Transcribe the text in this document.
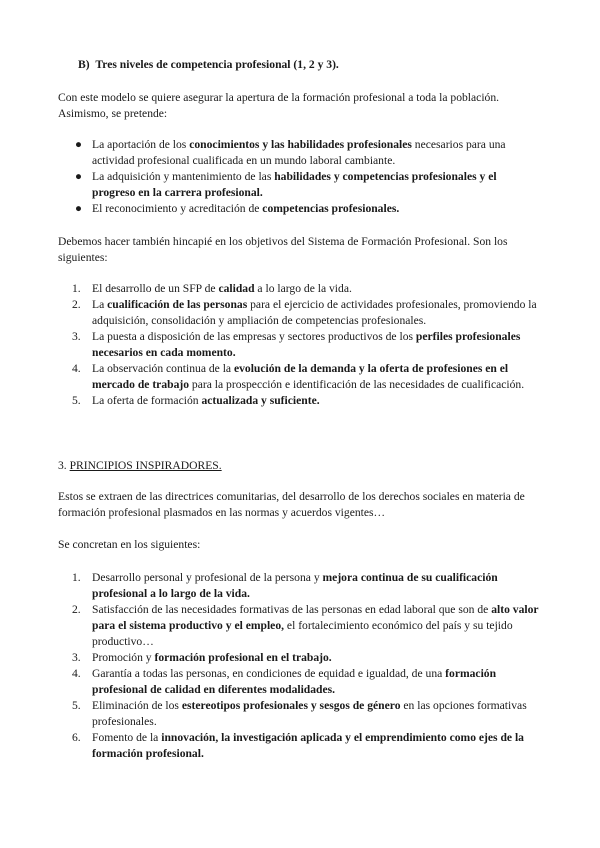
B) Tres niveles de competencia profesional (1, 2 y 3).

Con este modelo se quiere asegurar la apertura de la formación profesional a toda la población. Asimismo, se pretende:

● La aportación de los conocimientos y las habilidades profesionales necesarios para una actividad profesional cualificada en un mundo laboral cambiante.
● La adquisición y mantenimiento de las habilidades y competencias profesionales y el progreso en la carrera profesional.
● El reconocimiento y acreditación de competencias profesionales.

Debemos hacer también hincapié en los objetivos del Sistema de Formación Profesional. Son los siguientes:

1. El desarrollo de un SFP de calidad a lo largo de la vida.
2. La cualificación de las personas para el ejercicio de actividades profesionales, promoviendo la adquisición, consolidación y ampliación de competencias profesionales.
3. La puesta a disposición de las empresas y sectores productivos de los perfiles profesionales necesarios en cada momento.
4. La observación continua de la evolución de la demanda y la oferta de profesiones en el mercado de trabajo para la prospección e identificación de las necesidades de cualificación.
5. La oferta de formación actualizada y suficiente.

3. PRINCIPIOS INSPIRADORES.

Estos se extraen de las directrices comunitarias, del desarrollo de los derechos sociales en materia de formación profesional plasmados en las normas y acuerdos vigentes…

Se concretan en los siguientes:

1. Desarrollo personal y profesional de la persona y mejora continua de su cualificación profesional a lo largo de la vida.
2. Satisfacción de las necesidades formativas de las personas en edad laboral que son de alto valor para el sistema productivo y el empleo, el fortalecimiento económico del país y su tejido productivo…
3. Promoción y formación profesional en el trabajo.
4. Garantía a todas las personas, en condiciones de equidad e igualdad, de una formación profesional de calidad en diferentes modalidades.
5. Eliminación de los estereotipos profesionales y sesgos de género en las opciones formativas profesionales.
6. Fomento de la innovación, la investigación aplicada y el emprendimiento como ejes de la formación profesional.
